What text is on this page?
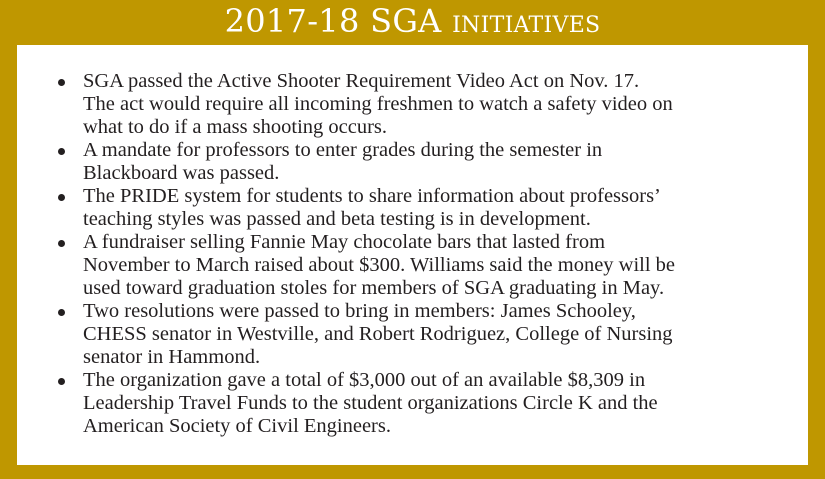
2017-18 SGA initiatives
SGA passed the Active Shooter Requirement Video Act on Nov. 17.
The act would require all incoming freshmen to watch a safety video on
what to do if a mass shooting occurs.
A mandate for professors to enter grades during the semester in
Blackboard was passed.
The PRIDE system for students to share information about professors’
teaching styles was passed and beta testing is in development.
A fundraiser selling Fannie May chocolate bars that lasted from
November to March raised about $300. Williams said the money will be
used toward graduation stoles for members of SGA graduating in May.
Two resolutions were passed to bring in members: James Schooley,
CHESS senator in Westville, and Robert Rodriguez, College of Nursing
senator in Hammond.
The organization gave a total of $3,000 out of an available $8,309 in
Leadership Travel Funds to the student organizations Circle K and the
American Society of Civil Engineers.
